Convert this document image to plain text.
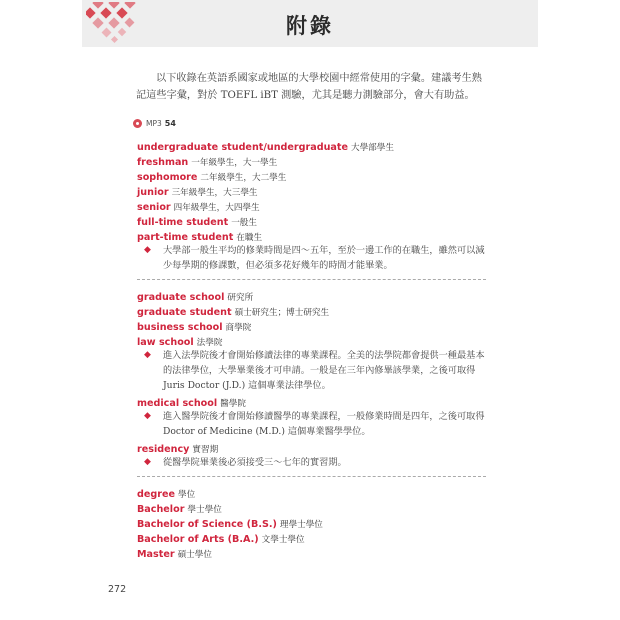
附錄

以下收錄在英語系國家或地區的大學校園中經常使用的字彙。建議考生熟記這些字彙，對於 TOEFL iBT 測驗，尤其是聽力測驗部分，會大有助益。

MP3 54
undergraduate student/undergraduate 大學部學生
freshman 一年級學生，大一學生
sophomore 二年級學生，大二學生
junior 三年級學生，大三學生
senior 四年級學生，大四學生
full-time student 一般生
part-time student 在職生

◆ 大學部一般生平均的修業時間是四～五年，至於一邊工作的在職生，雖然可以減少每學期的修課數，但必須多花好幾年的時間才能畢業。

graduate school 研究所
graduate student 碩士研究生；博士研究生
business school 商學院
law school 法學院

◆ 進入法學院後才會開始修讀法律的專業課程。全美的法學院都會提供一種最基本的法律學位，大學畢業後才可申請。一般是在三年內修畢該學業，之後可取得 Juris Doctor (J.D.) 這個專業法律學位。

medical school 醫學院

◆ 進入醫學院後才會開始修讀醫學的專業課程，一般修業時間是四年，之後可取得 Doctor of Medicine (M.D.) 這個專業醫學學位。

residency 實習期

◆ 從醫學院畢業後必須接受三～七年的實習期。

degree 學位
Bachelor 學士學位
Bachelor of Science (B.S.) 理學士學位
Bachelor of Arts (B.A.) 文學士學位
Master 碩士學位
272
